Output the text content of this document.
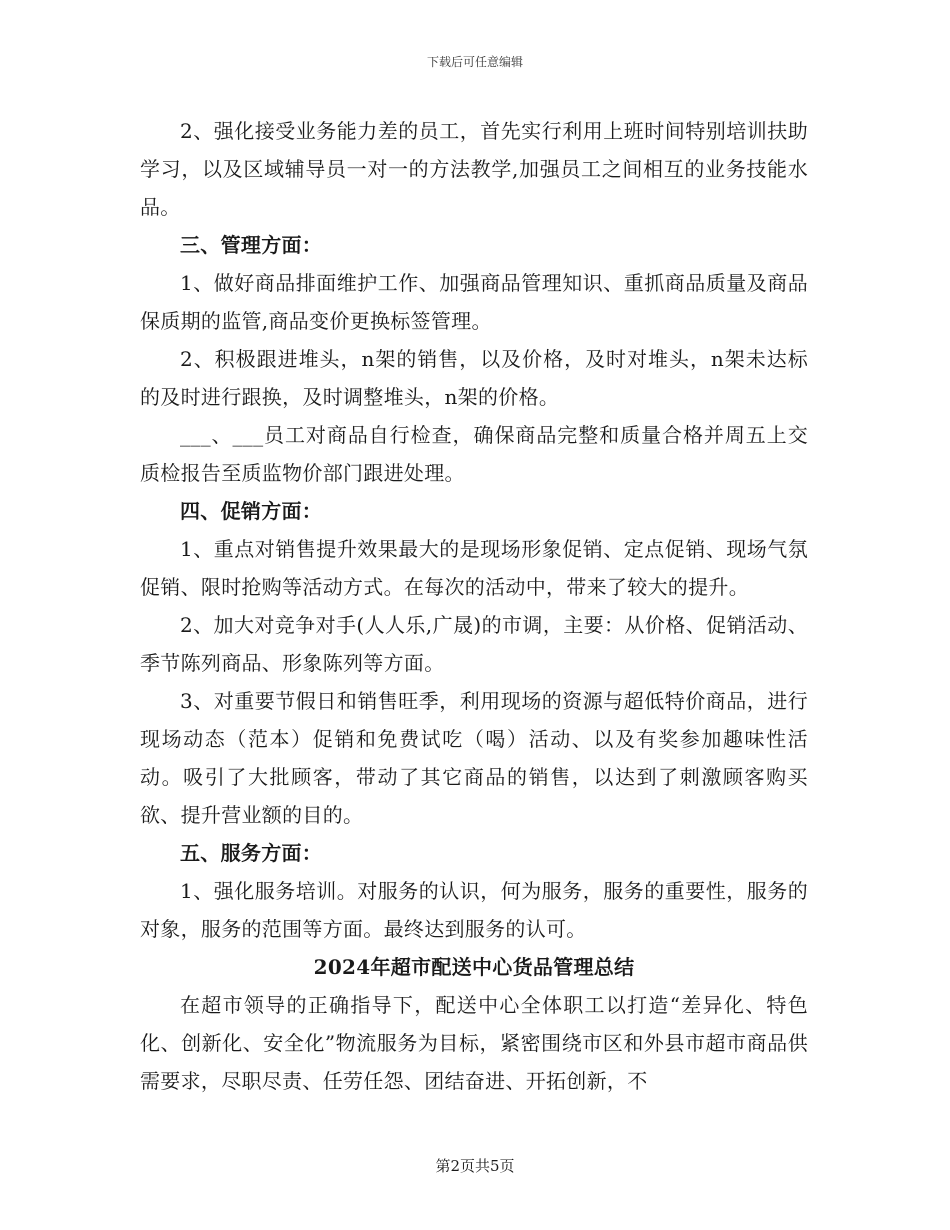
下载后可任意编辑

2、强化接受业务能力差的员工，首先实行利用上班时间特别培训扶助学习，以及区域辅导员一对一的方法教学,加强员工之间相互的业务技能水品。

三、管理方面：

1、做好商品排面维护工作、加强商品管理知识、重抓商品质量及商品保质期的监管,商品变价更换标签管理。

2、积极跟进堆头，n架的销售，以及价格，及时对堆头，n架未达标的及时进行跟换，及时调整堆头，n架的价格。

___、___员工对商品自行检查，确保商品完整和质量合格并周五上交质检报告至质监物价部门跟进处理。

四、促销方面：

1、重点对销售提升效果最大的是现场形象促销、定点促销、现场气氛促销、限时抢购等活动方式。在每次的活动中，带来了较大的提升。

2、加大对竞争对手(人人乐,广晟)的市调，主要：从价格、促销活动、季节陈列商品、形象陈列等方面。

3、对重要节假日和销售旺季，利用现场的资源与超低特价商品，进行现场动态（范本）促销和免费试吃（喝）活动、以及有奖参加趣味性活动。吸引了大批顾客，带动了其它商品的销售，以达到了刺激顾客购买欲、提升营业额的目的。

五、服务方面：

1、强化服务培训。对服务的认识，何为服务，服务的重要性，服务的对象，服务的范围等方面。最终达到服务的认可。

2024年超市配送中心货品管理总结

在超市领导的正确指导下，配送中心全体职工以打造“差异化、特色化、创新化、安全化”物流服务为目标，紧密围绕市区和外县市超市商品供需要求，尽职尽责、任劳任怨、团结奋进、开拓创新，不

第2页共5页
